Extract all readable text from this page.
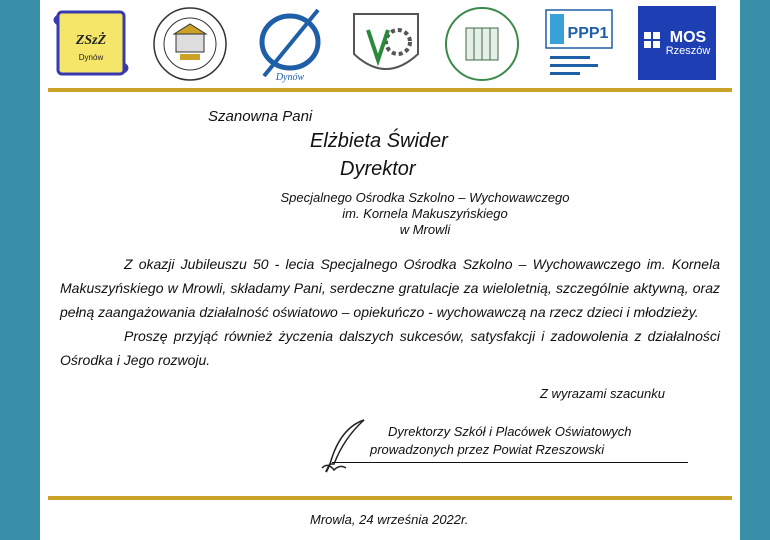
ZSzŻ
Dynów
Dynów
PPP1	MOS
Rzeszów
Szanowna Pani
Elżbieta Świder
Dyrektor
Specjalnego Ośrodka Szkolno – Wychowawczego
im. Kornela Makuszyńskiego
w Mrowli

Z okazji Jubileuszu 50 - lecia Specjalnego Ośrodka Szkolno – Wychowawczego im. Kornela Makuszyńskiego w Mrowli, składamy Pani, serdeczne gratulacje za wieloletnią, szczególnie aktywną, oraz pełną zaangażowania działalność oświatowo – opiekuńczo - wychowawczą na rzecz dzieci i młodzieży.

Proszę przyjąć również życzenia dalszych sukcesów, satysfakcji i zadowolenia z działalności Ośrodka i Jego rozwoju.

Z wyrazami szacunku
Dyrektorzy Szkół i Placówek Oświatowych
prowadzonych przez Powiat Rzeszowski
Mrowla, 24 września 2022r.
